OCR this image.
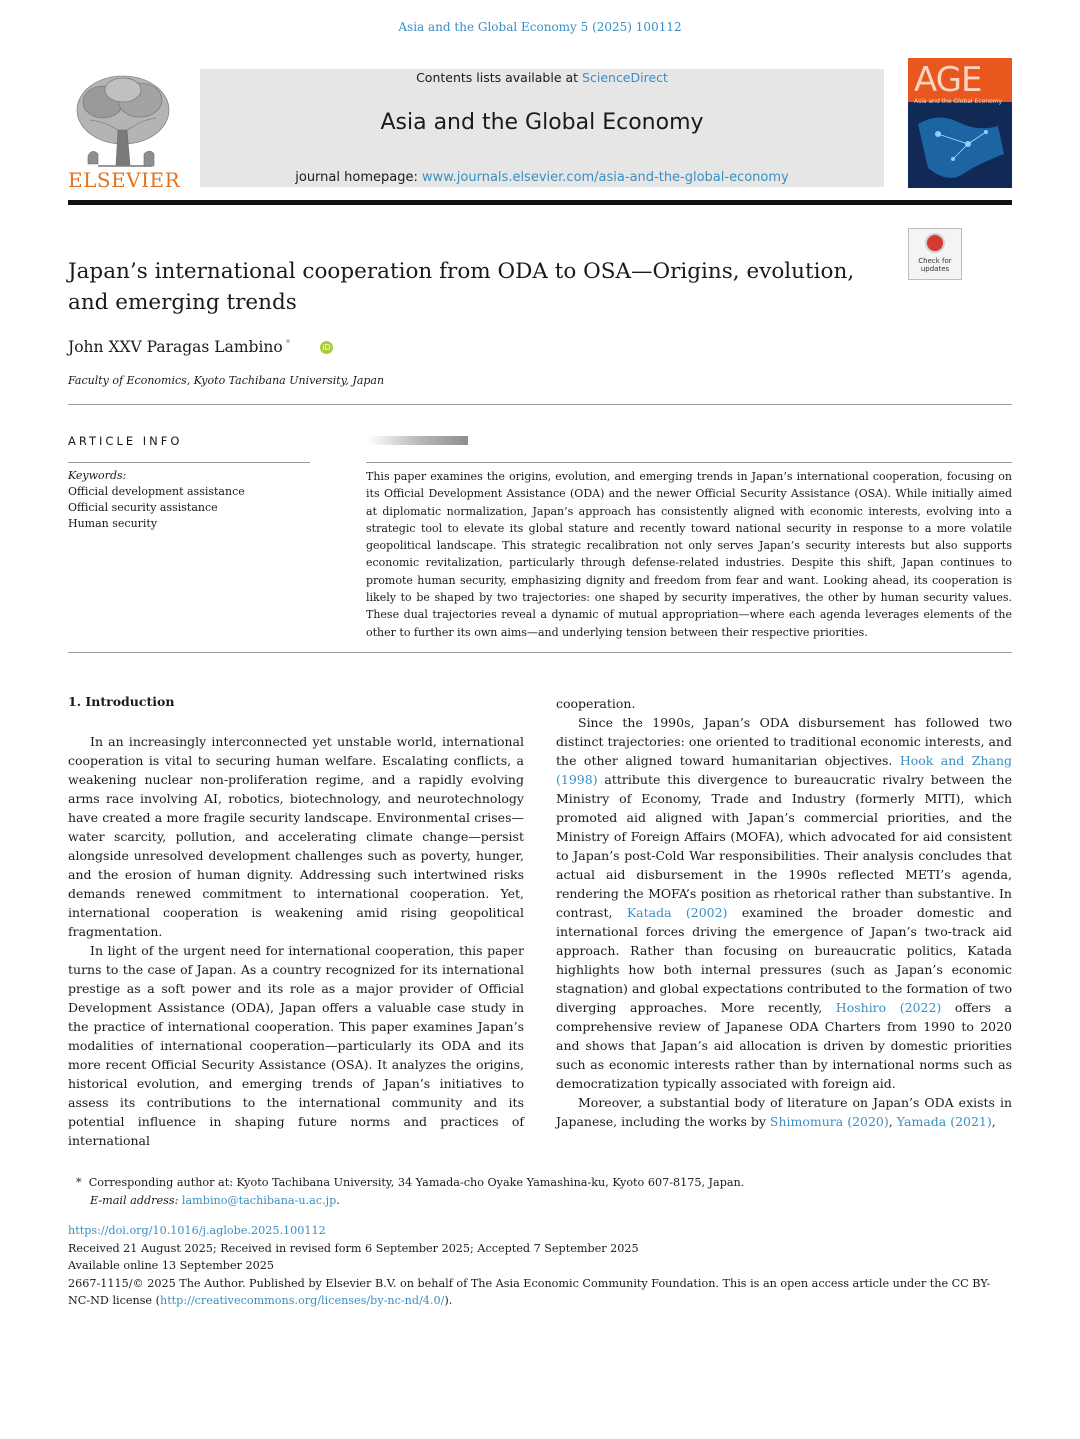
Asia and the Global Economy 5 (2025) 100112
ELSEVIER
Contents lists available at ScienceDirect
Asia and the Global Economy
journal homepage: www.journals.elsevier.com/asia-and-the-global-economy
AGE
Asia and the Global Economy
Check for updates
Japan’s international cooperation from ODA to OSA—Origins, evolution, and emerging trends
John XXV Paragas Lambino *	iD
Faculty of Economics, Kyoto Tachibana University, Japan
ARTICLE INFO
Keywords:
Official development assistance
Official security assistance
Human security
This paper examines the origins, evolution, and emerging trends in Japan’s international cooperation, focusing on its Official Development Assistance (ODA) and the newer Official Security Assistance (OSA). While initially aimed at diplomatic normalization, Japan’s approach has consistently aligned with economic interests, evolving into a strategic tool to elevate its global stature and recently toward national security in response to a more volatile geopolitical landscape. This strategic recalibration not only serves Japan’s security interests but also supports economic revitalization, particularly through defense-related industries. Despite this shift, Japan continues to promote human security, emphasizing dignity and freedom from fear and want. Looking ahead, its cooperation is likely to be shaped by two trajectories: one shaped by security imperatives, the other by human security values. These dual trajectories reveal a dynamic of mutual appropriation—where each agenda leverages elements of the other to further its own aims—and underlying tension between their respective priorities.
1. Introduction

In an increasingly interconnected yet unstable world, international cooperation is vital to securing human welfare. Escalating conflicts, a weakening nuclear non-proliferation regime, and a rapidly evolving arms race involving AI, robotics, biotechnology, and neurotechnology have created a more fragile security landscape. Environmental crises—water scarcity, pollution, and accelerating climate change—persist alongside unresolved development challenges such as poverty, hunger, and the erosion of human dignity. Addressing such intertwined risks demands renewed commitment to international cooperation. Yet, international cooperation is weakening amid rising geopolitical fragmentation.

In light of the urgent need for international cooperation, this paper turns to the case of Japan. As a country recognized for its international prestige as a soft power and its role as a major provider of Official Development Assistance (ODA), Japan offers a valuable case study in the practice of international cooperation. This paper examines Japan’s modalities of international cooperation—particularly its ODA and its more recent Official Security Assistance (OSA). It analyzes the origins, historical evolution, and emerging trends of Japan’s initiatives to assess its contributions to the international community and its potential influence in shaping future norms and practices of international

cooperation.

Since the 1990s, Japan’s ODA disbursement has followed two distinct trajectories: one oriented to traditional economic interests, and the other aligned toward humanitarian objectives. Hook and Zhang (1998) attribute this divergence to bureaucratic rivalry between the Ministry of Economy, Trade and Industry (formerly MITI), which promoted aid aligned with Japan’s commercial priorities, and the Ministry of Foreign Affairs (MOFA), which advocated for aid consistent to Japan’s post-Cold War responsibilities. Their analysis concludes that actual aid disbursement in the 1990s reflected METI’s agenda, rendering the MOFA’s position as rhetorical rather than substantive. In contrast, Katada (2002) examined the broader domestic and international forces driving the emergence of Japan’s two-track aid approach. Rather than focusing on bureaucratic politics, Katada highlights how both internal pressures (such as Japan’s economic stagnation) and global expectations contributed to the formation of two diverging approaches. More recently, Hoshiro (2022) offers a comprehensive review of Japanese ODA Charters from 1990 to 2020 and shows that Japan’s aid allocation is driven by domestic priorities such as economic interests rather than by international norms such as democratization typically associated with foreign aid.

Moreover, a substantial body of literature on Japan’s ODA exists in Japanese, including the works by Shimomura (2020), Yamada (2021),

* Corresponding author at: Kyoto Tachibana University, 34 Yamada-cho Oyake Yamashina-ku, Kyoto 607-8175, Japan.
E-mail address: lambino@tachibana-u.ac.jp.

https://doi.org/10.1016/j.aglobe.2025.100112

Received 21 August 2025; Received in revised form 6 September 2025; Accepted 7 September 2025

Available online 13 September 2025

2667-1115/© 2025 The Author. Published by Elsevier B.V. on behalf of The Asia Economic Community Foundation. This is an open access article under the CC BY-NC-ND license (http://creativecommons.org/licenses/by-nc-nd/4.0/).
